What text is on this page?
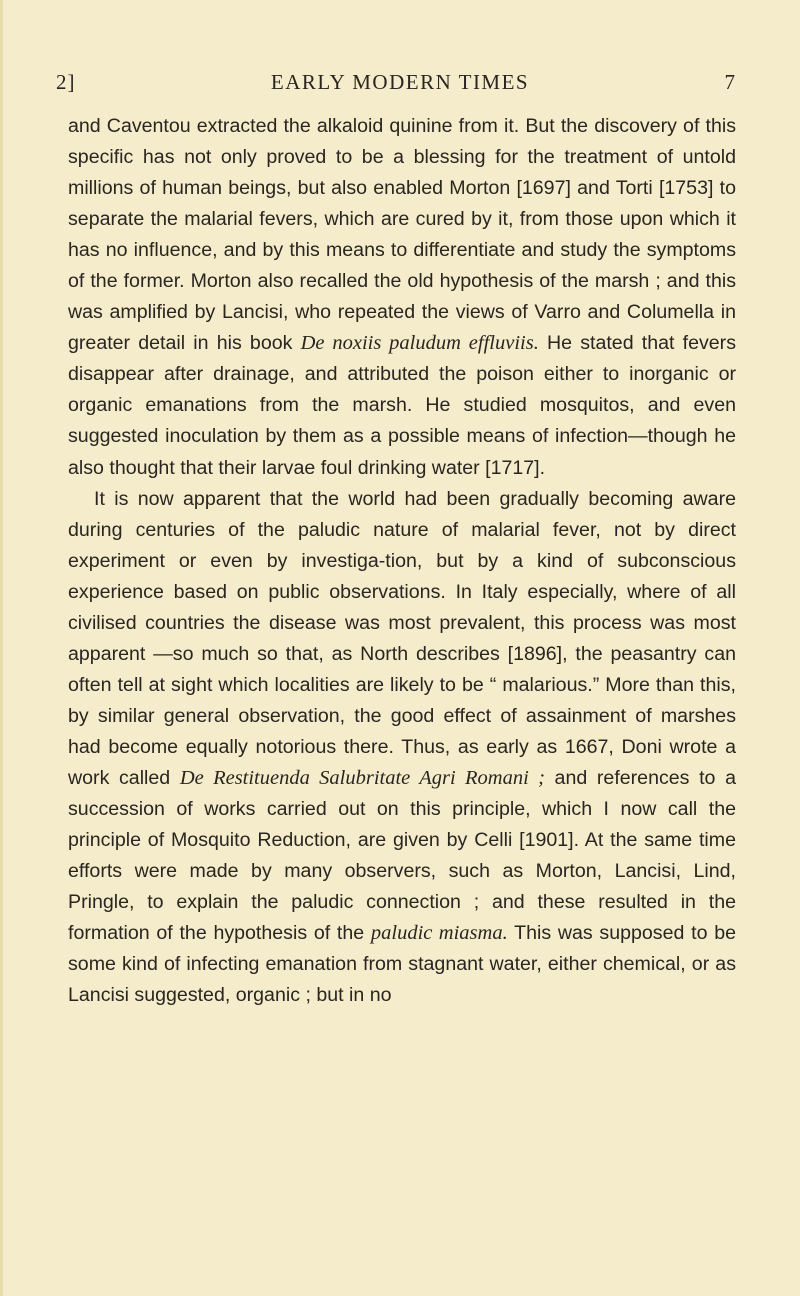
2]	EARLY MODERN TIMES	7

and Caventou extracted the alkaloid quinine from it. But the discovery of this specific has not only proved to be a blessing for the treatment of untold millions of human beings, but also enabled Morton [1697] and Torti [1753] to separate the malarial fevers, which are cured by it, from those upon which it has no influence, and by this means to differentiate and study the symptoms of the former. Morton also recalled the old hypothesis of the marsh ; and this was amplified by Lancisi, who repeated the views of Varro and Columella in greater detail in his book De noxiis paludum effluviis. He stated that fevers disappear after drainage, and attributed the poison either to inorganic or organic emanations from the marsh. He studied mosquitos, and even suggested inoculation by them as a possible means of infection—though he also thought that their larvae foul drinking water [1717].

It is now apparent that the world had been gradually becoming aware during centuries of the paludic nature of malarial fever, not by direct experiment or even by investiga-tion, but by a kind of subconscious experience based on public observations. In Italy especially, where of all civilised countries the disease was most prevalent, this process was most apparent —so much so that, as North describes [1896], the peasantry can often tell at sight which localities are likely to be “ malarious.” More than this, by similar general observation, the good effect of assainment of marshes had become equally notorious there. Thus, as early as 1667, Doni wrote a work called De Restituenda Salubritate Agri Romani ; and references to a succession of works carried out on this principle, which I now call the principle of Mosquito Reduction, are given by Celli [1901]. At the same time efforts were made by many observers, such as Morton, Lancisi, Lind, Pringle, to explain the paludic connection ; and these resulted in the formation of the hypothesis of the paludic miasma. This was supposed to be some kind of infecting emanation from stagnant water, either chemical, or as Lancisi suggested, organic ; but in no
